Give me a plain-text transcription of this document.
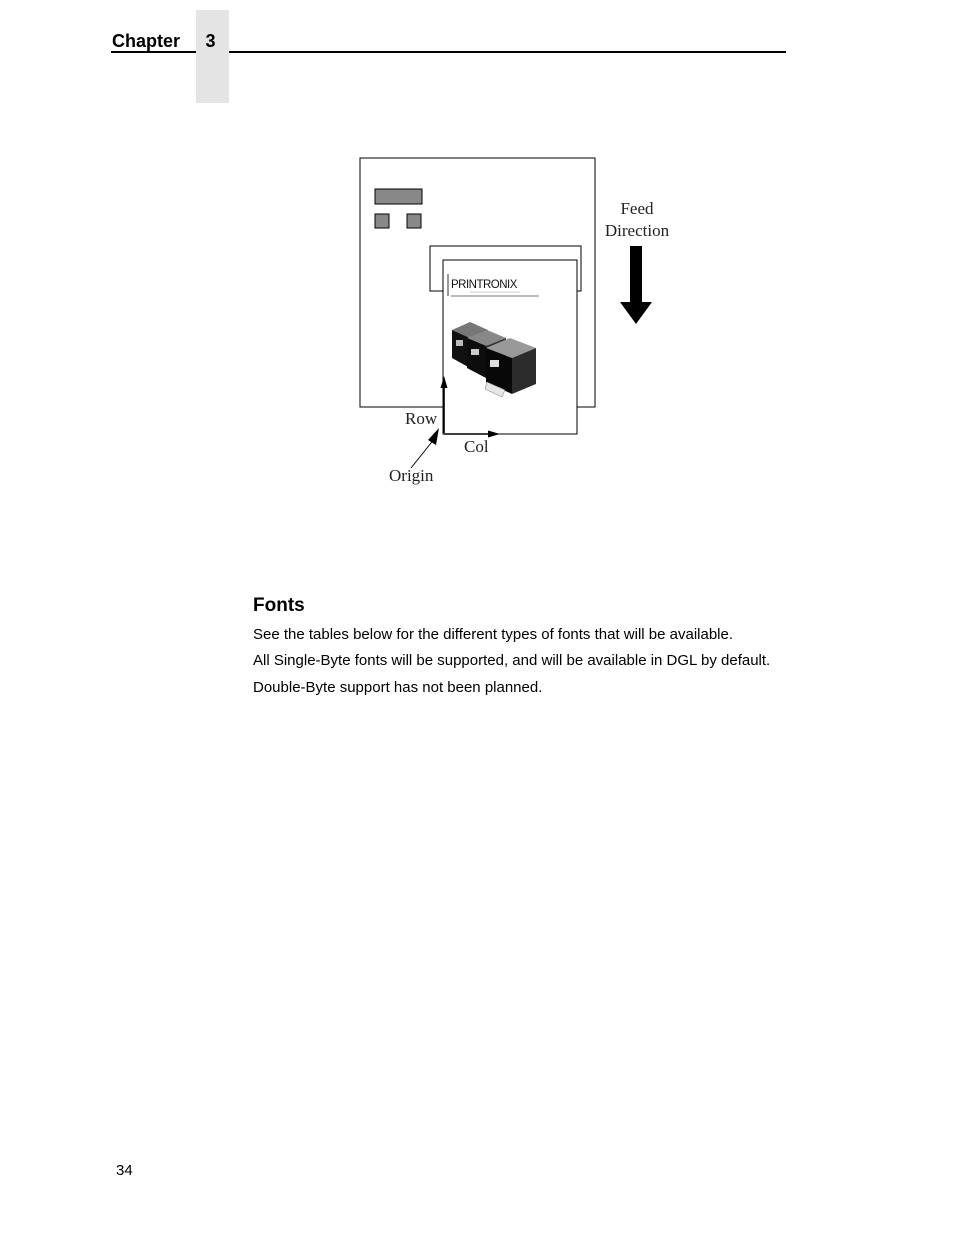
Chapter	3
PRINTRONIX
Feed
Direction
Row
Col
Origin
Fonts
See the tables below for the different types of fonts that will be available.
All Single-Byte fonts will be supported, and will be available in DGL by default.
Double-Byte support has not been planned.
34
